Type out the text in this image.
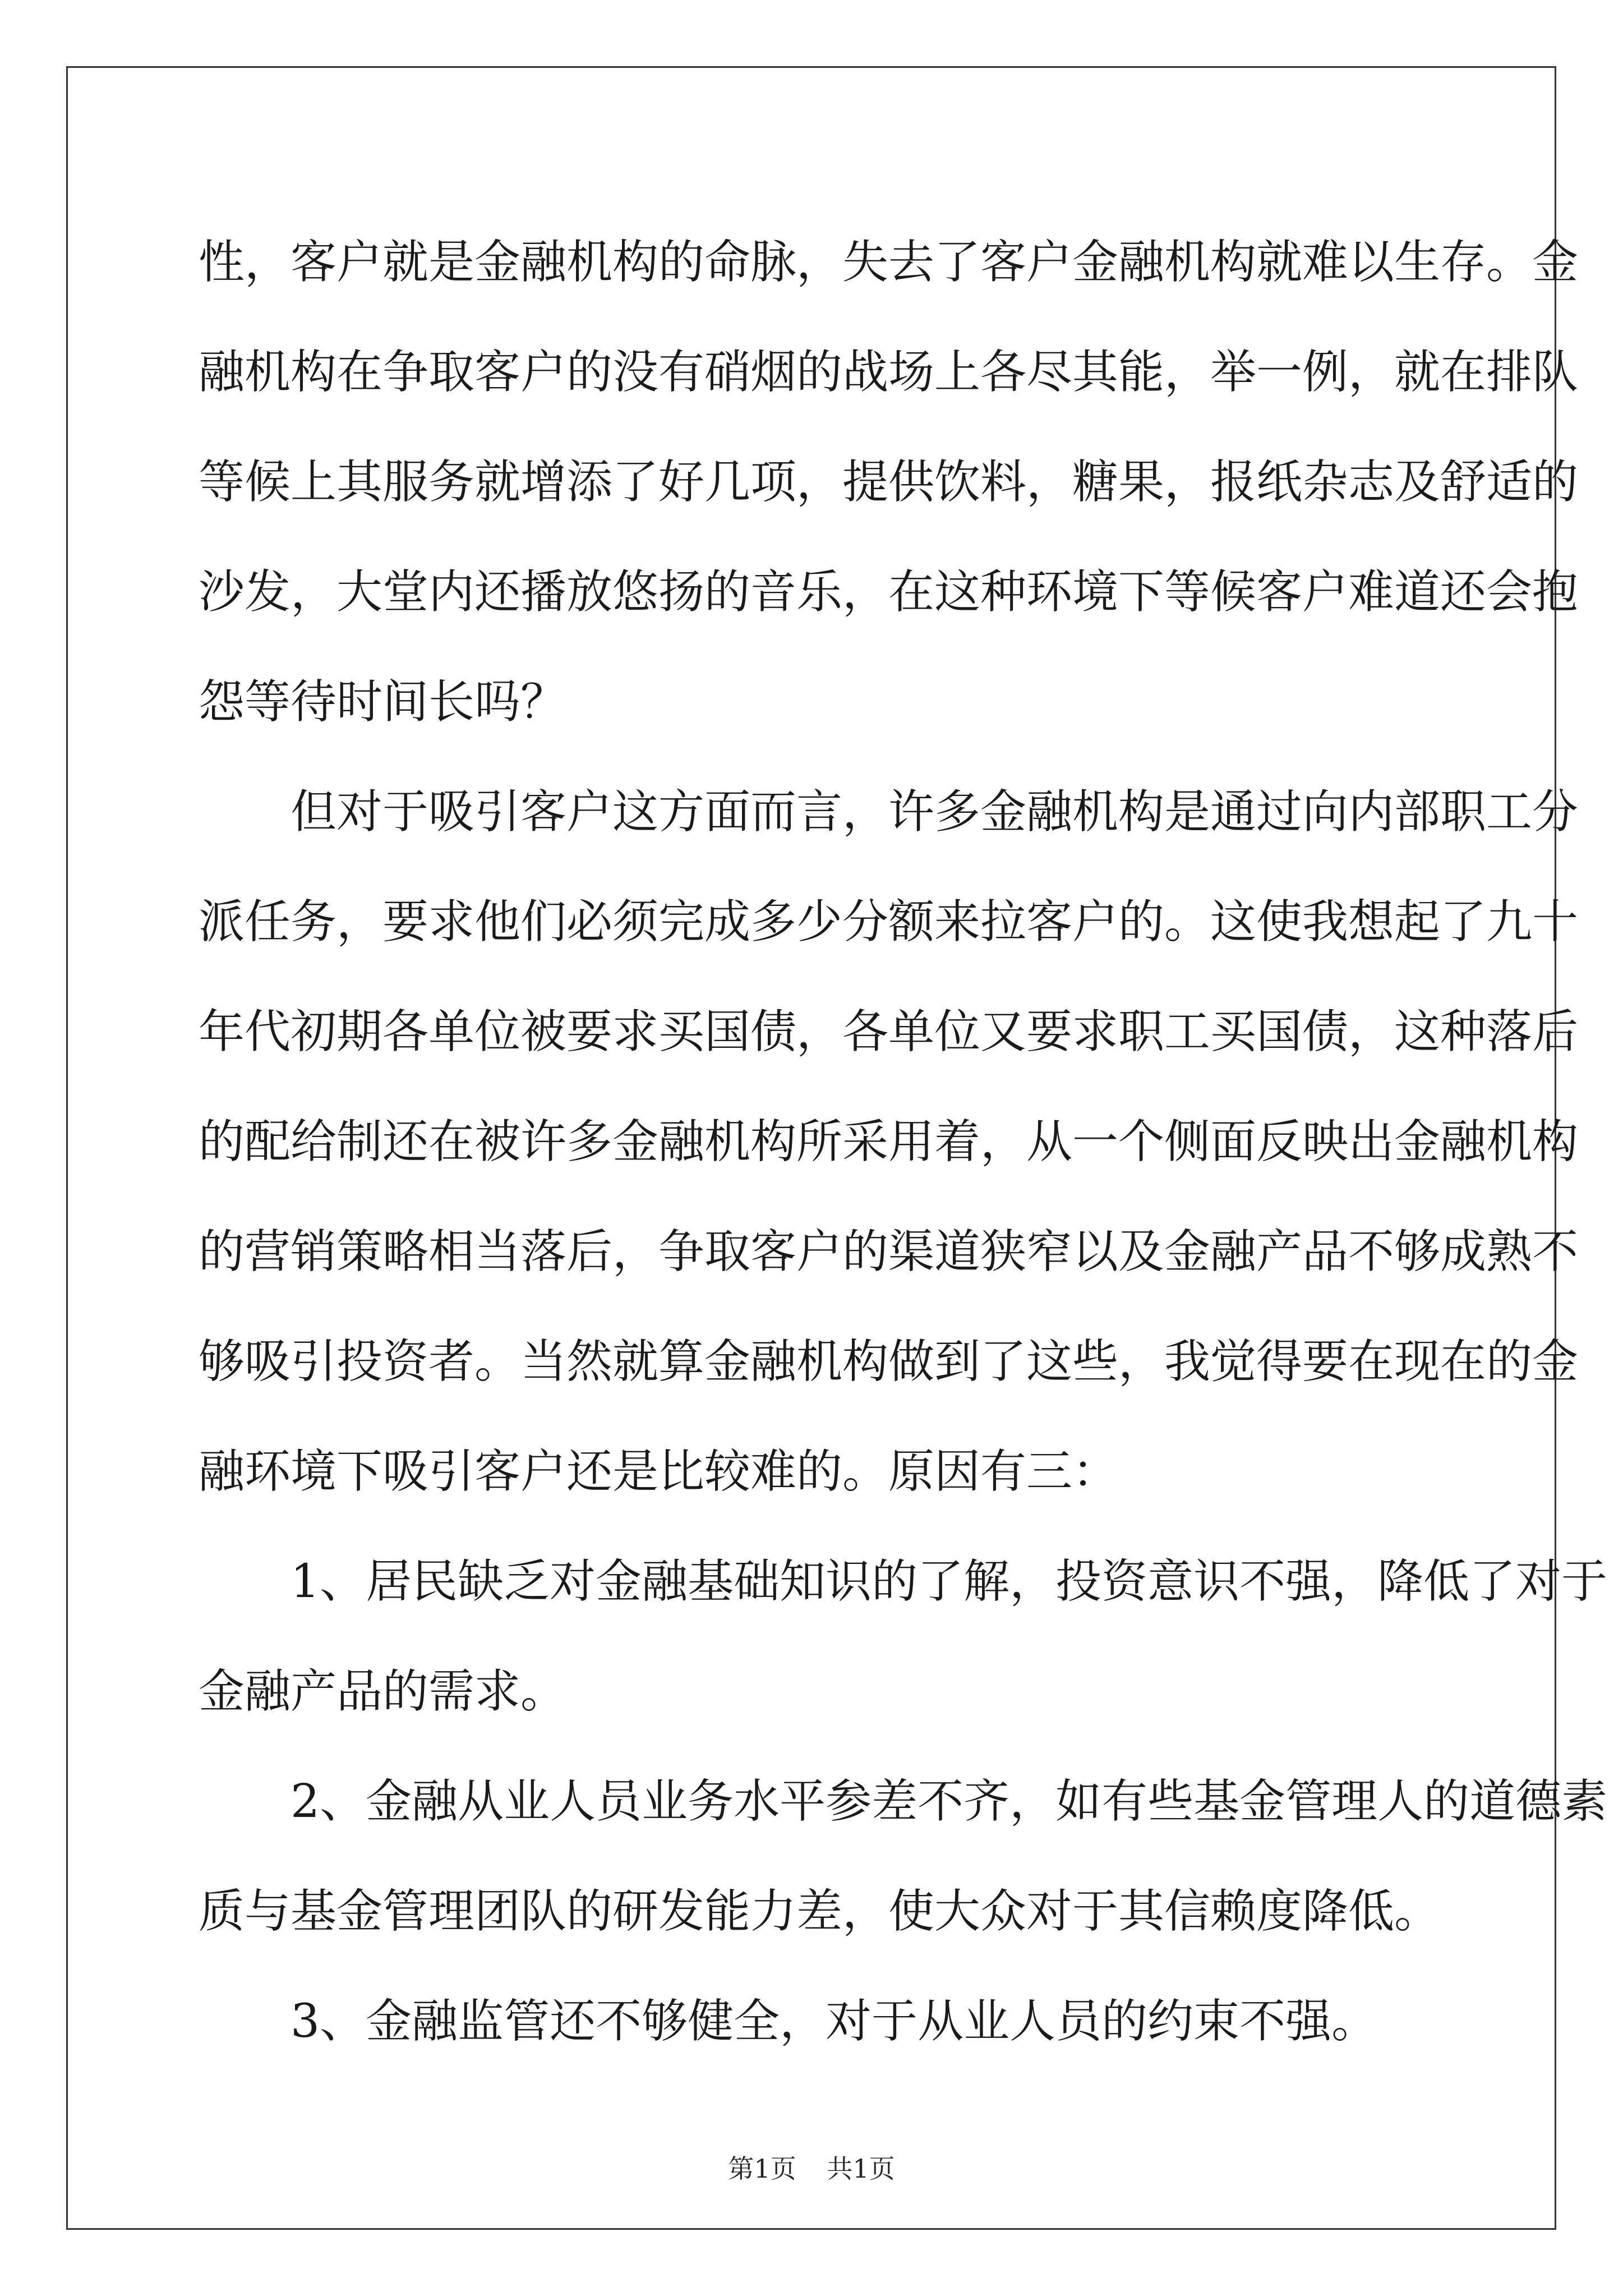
性，客户就是金融机构的命脉，失去了客户金融机构就难以生存。金
融机构在争取客户的没有硝烟的战场上各尽其能，举一例，就在排队
等候上其服务就增添了好几项，提供饮料，糖果，报纸杂志及舒适的
沙发，大堂内还播放悠扬的音乐，在这种环境下等候客户难道还会抱
怨等待时间长吗？
但对于吸引客户这方面而言，许多金融机构是通过向内部职工分
派任务，要求他们必须完成多少分额来拉客户的。这使我想起了九十
年代初期各单位被要求买国债，各单位又要求职工买国债，这种落后
的配给制还在被许多金融机构所采用着，从一个侧面反映出金融机构
的营销策略相当落后，争取客户的渠道狭窄以及金融产品不够成熟不
够吸引投资者。当然就算金融机构做到了这些，我觉得要在现在的金
融环境下吸引客户还是比较难的。原因有三：
1、居民缺乏对金融基础知识的了解，投资意识不强，降低了对于
金融产品的需求。
2、金融从业人员业务水平参差不齐，如有些基金管理人的道德素
质与基金管理团队的研发能力差，使大众对于其信赖度降低。
3、金融监管还不够健全，对于从业人员的约束不强。
第1页 共1页
